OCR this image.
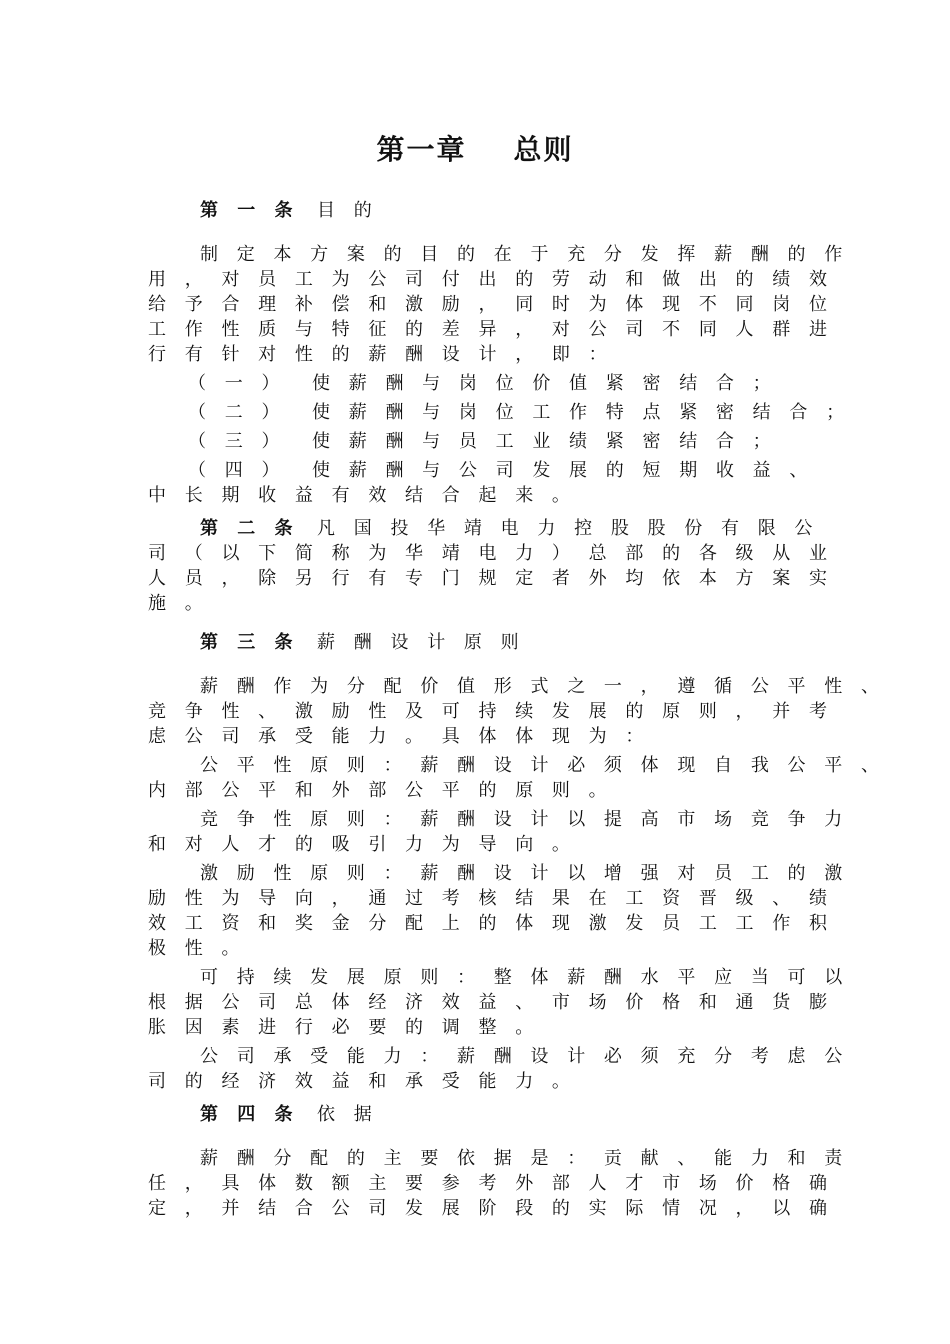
第一章    总则
第 一 条 目 的
制 定 本 方 案 的 目 的 在 于 充 分 发 挥 薪 酬 的 作
用 ， 对 员 工 为 公 司 付 出 的 劳 动 和 做 出 的 绩 效
给 予 合 理 补 偿 和 激 励 ， 同 时 为 体 现 不 同 岗 位
工 作 性 质 与 特 征 的 差 异 ， 对 公 司 不 同 人 群 进
行 有 针 对 性 的 薪 酬 设 计 ， 即 ：
（ 一 ） 使 薪 酬 与 岗 位 价 值 紧 密 结 合 ；
（ 二 ） 使 薪 酬 与 岗 位 工 作 特 点 紧 密 结 合 ；
（ 三 ） 使 薪 酬 与 员 工 业 绩 紧 密 结 合 ；
（ 四 ） 使 薪 酬 与 公 司 发 展 的 短 期 收 益 、
中 长 期 收 益 有 效 结 合 起 来 。
第 二 条 凡 国 投 华 靖 电 力 控 股 股 份 有 限 公
司 （ 以 下 简 称 为 华 靖 电 力 ） 总 部 的 各 级 从 业
人 员 ， 除 另 行 有 专 门 规 定 者 外 均 依 本 方 案 实
施 。
第 三 条 薪 酬 设 计 原 则
薪 酬 作 为 分 配 价 值 形 式 之 一 ， 遵 循 公 平 性 、
竞 争 性 、 激 励 性 及 可 持 续 发 展 的 原 则 ， 并 考
虑 公 司 承 受 能 力 。 具 体 体 现 为 ：
公 平 性 原 则 ： 薪 酬 设 计 必 须 体 现 自 我 公 平 、
内 部 公 平 和 外 部 公 平 的 原 则 。
竞 争 性 原 则 ： 薪 酬 设 计 以 提 高 市 场 竞 争 力
和 对 人 才 的 吸 引 力 为 导 向 。
激 励 性 原 则 ： 薪 酬 设 计 以 增 强 对 员 工 的 激
励 性 为 导 向 ， 通 过 考 核 结 果 在 工 资 晋 级 、 绩
效 工 资 和 奖 金 分 配 上 的 体 现 激 发 员 工 工 作 积
极 性 。
可 持 续 发 展 原 则 ： 整 体 薪 酬 水 平 应 当 可 以
根 据 公 司 总 体 经 济 效 益 、 市 场 价 格 和 通 货 膨
胀 因 素 进 行 必 要 的 调 整 。
公 司 承 受 能 力 ： 薪 酬 设 计 必 须 充 分 考 虑 公
司 的 经 济 效 益 和 承 受 能 力 。
第 四 条 依 据
薪 酬 分 配 的 主 要 依 据 是 ： 贡 献 、 能 力 和 责
任 ， 具 体 数 额 主 要 参 考 外 部 人 才 市 场 价 格 确
定 ， 并 结 合 公 司 发 展 阶 段 的 实 际 情 况 ， 以 确
